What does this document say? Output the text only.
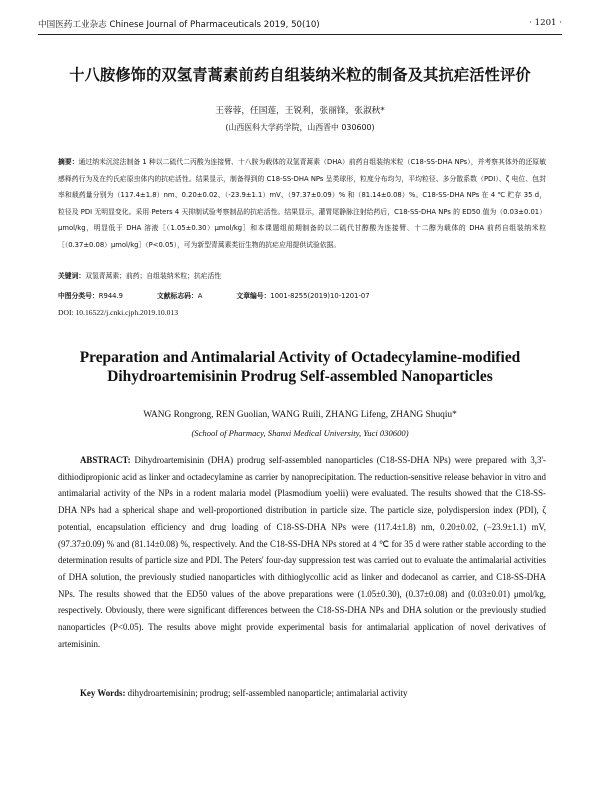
中国医药工业杂志 Chinese Journal of Pharmaceuticals 2019, 50(10)	· 1201 ·
十八胺修饰的双氢青蒿素前药自组装纳米粒的制备及其抗疟活性评价
王蓉蓉，任国莲，王锐利，张丽锋，张淑秋*
(山西医科大学药学院，山西晋中 030600)
摘要：通过纳米沉淀法制备 1 种以二硫代二丙酸为连接臂、十八胺为载体的双氢青蒿素（DHA）前药自组装纳米粒（C18-SS-DHA NPs），并考察其体外的还原敏感释药行为及在约氏疟原虫体内的抗疟活性。结果显示，制备得到的 C18-SS-DHA NPs 呈类球形，粒度分布均匀，平均粒径、多分散系数（PDI）、ζ 电位、包封率和载药量分别为（117.4±1.8）nm、0.20±0.02、（-23.9±1.1）mV、（97.37±0.09）% 和（81.14±0.08）%。C18-SS-DHA NPs 在 4 ℃ 贮存 35 d，粒径及 PDI 无明显变化。采用 Peters 4 天抑制试验考察制品的抗疟活性。结果显示，灌胃尾静脉注射给药后，C18-SS-DHA NPs 的 ED50 值为（0.03±0.01）μmol/kg，明显低于 DHA 溶液［（1.05±0.30）μmol/kg］和本课题组前期制备的以二硫代甘醇酸为连接臂、十二醇为载体的 DHA 前药自组装纳米粒［（0.37±0.08）μmol/kg］（P<0.05），可为新型青蒿素类衍生物的抗疟应用提供试验依据。
关键词：双氢青蒿素；前药；自组装纳米粒；抗疟活性
中图分类号：R944.9	文献标志码：A	文章编号：1001-8255(2019)10-1201-07
DOI: 10.16522/j.cnki.cjph.2019.10.013
Preparation and Antimalarial Activity of Octadecylamine-modified
Dihydroartemisinin Prodrug Self-assembled Nanoparticles
WANG Rongrong, REN Guolian, WANG Ruili, ZHANG Lifeng, ZHANG Shuqiu*
(School of Pharmacy, Shanxi Medical University, Yuci 030600)
ABSTRACT: Dihydroartemisinin (DHA) prodrug self-assembled nanoparticles (C18-SS-DHA NPs) were prepared with 3,3'-dithiodipropionic acid as linker and octadecylamine as carrier by nanoprecipitation. The reduction-sensitive release behavior in vitro and antimalarial activity of the NPs in a rodent malaria model (Plasmodium yoelii) were evaluated. The results showed that the C18-SS-DHA NPs had a spherical shape and well-proportioned distribution in particle size. The particle size, polydispersion index (PDI), ζ potential, encapsulation efficiency and drug loading of C18-SS-DHA NPs were (117.4±1.8) nm, 0.20±0.02, (−23.9±1.1) mV, (97.37±0.09) % and (81.14±0.08) %, respectively. And the C18-SS-DHA NPs stored at 4 ℃ for 35 d were rather stable according to the determination results of particle size and PDI. The Peters' four-day suppression test was carried out to evaluate the antimalarial activities of DHA solution, the previously studied nanoparticles with dithioglycollic acid as linker and dodecanol as carrier, and C18-SS-DHA NPs. The results showed that the ED50 values of the above preparations were (1.05±0.30), (0.37±0.08) and (0.03±0.01) μmol/kg, respectively. Obviously, there were significant differences between the C18-SS-DHA NPs and DHA solution or the previously studied nanoparticles (P<0.05). The results above might provide experimental basis for antimalarial application of novel derivatives of artemisinin.
Key Words: dihydroartemisinin; prodrug; self-assembled nanoparticle; antimalarial activity
